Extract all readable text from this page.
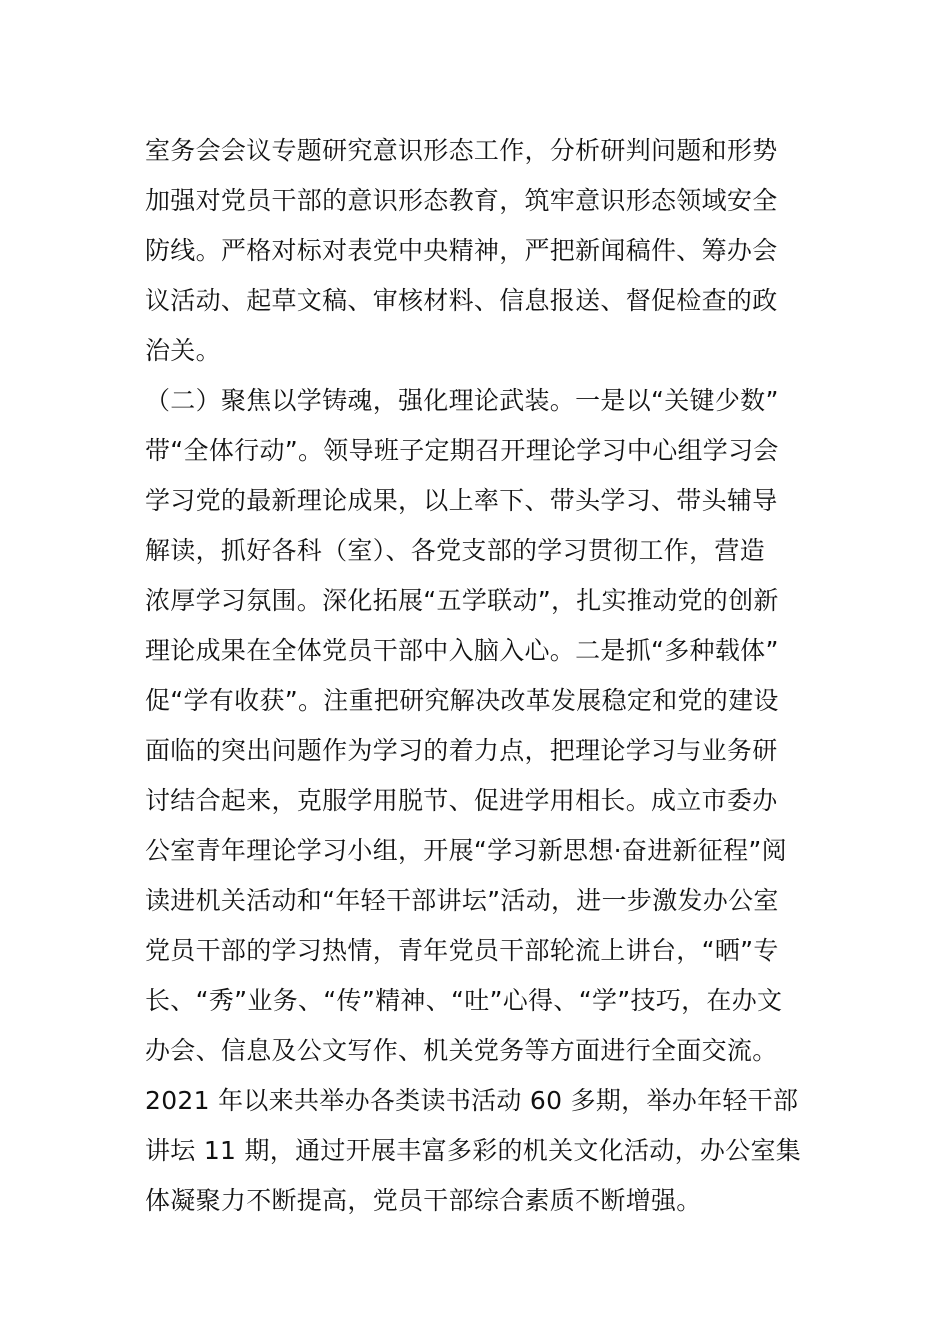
室务会会议专题研究意识形态工作，分析研判问题和形势
加强对党员干部的意识形态教育，筑牢意识形态领域安全
防线。严格对标对表党中央精神，严把新闻稿件、筹办会
议活动、起草文稿、审核材料、信息报送、督促检查的政
治关。
（二）聚焦以学铸魂，强化理论武装。一是以“关键少数”
带“全体行动”。领导班子定期召开理论学习中心组学习会
学习党的最新理论成果，以上率下、带头学习、带头辅导
解读，抓好各科（室）、各党支部的学习贯彻工作，营造
浓厚学习氛围。深化拓展“五学联动”，扎实推动党的创新
理论成果在全体党员干部中入脑入心。二是抓“多种载体”
促“学有收获”。注重把研究解决改革发展稳定和党的建设
面临的突出问题作为学习的着力点，把理论学习与业务研
讨结合起来，克服学用脱节、促进学用相长。成立市委办
公室青年理论学习小组，开展“学习新思想·奋进新征程”阅
读进机关活动和“年轻干部讲坛”活动，进一步激发办公室
党员干部的学习热情，青年党员干部轮流上讲台，“晒”专
长、“秀”业务、“传”精神、“吐”心得、“学”技巧，在办文
办会、信息及公文写作、机关党务等方面进行全面交流。
2021 年以来共举办各类读书活动 60 多期，举办年轻干部
讲坛 11 期，通过开展丰富多彩的机关文化活动，办公室集
体凝聚力不断提高，党员干部综合素质不断增强。
